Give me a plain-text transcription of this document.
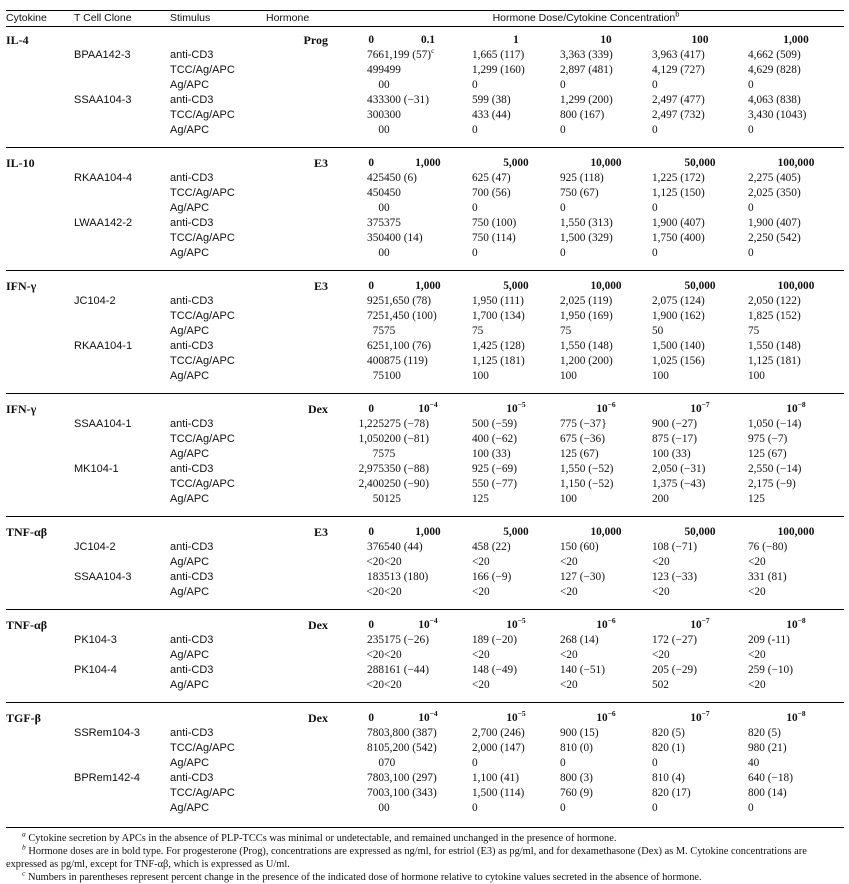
Cytokine	T Cell Clone	Stimulus	Hormone	Hormone Dose/Cytokine Concentration$^b$
IL-4			Prog	0	0.1	1	10	100	1,000
	BPAA142-3	anti-CD3		766	1,199 $(57)^c$	1,665 (117)	3,363 (339)	3,963 (417)	4,662 (509)
		TCC/Ag/APC		499	499	1,299 (160)	2,897 (481)	4,129 (727)	4,629 (828)
		Ag/APC		0	0	0	0	0	0
	SSAA104-3	anti-CD3		433	300 (−31)	599 (38)	1,299 (200)	2,497 (477)	4,063 (838)
		TCC/Ag/APC		300	300	433 (44)	800 (167)	2,497 (732)	3,430 (1043)
		Ag/APC		0	0	0	0	0	0
IL-10			E3	0	1,000	5,000	10,000	50,000	100,000
	RKAA104-4	anti-CD3		425	450 (6)	625 (47)	925 (118)	1,225 (172)	2,275 (405)
		TCC/Ag/APC		450	450	700 (56)	750 (67)	1,125 (150)	2,025 (350)
		Ag/APC		0	0	0	0	0	0
	LWAA142-2	anti-CD3		375	375	750 (100)	1,550 (313)	1,900 (407)	1,900 (407)
		TCC/Ag/APC		350	400 (14)	750 (114)	1,500 (329)	1,750 (400)	2,250 (542)
		Ag/APC		0	0	0	0	0	0
IFN-γ			E3	0	1,000	5,000	10,000	50,000	100,000
	JC104-2	anti-CD3		925	1,650 (78)	1,950 (111)	2,025 (119)	2,075 (124)	2,050 (122)
		TCC/Ag/APC		725	1,450 (100)	1,700 (134)	1,950 (169)	1,900 (162)	1,825 (152)
		Ag/APC		75	75	75	75	50	75
	RKAA104-1	anti-CD3		625	1,100 (76)	1,425 (128)	1,550 (148)	1,500 (140)	1,550 (148)
		TCC/Ag/APC		400	875 (119)	1,125 (181)	1,200 (200)	1,025 (156)	1,125 (181)
		Ag/APC		75	100	100	100	100	100
IFN-γ			Dex	0	$10^{-4}$	$10^{-5}$	$10^{-6}$	$10^{-7}$	$10^{-8}$
	SSAA104-1	anti-CD3		1,225	275 (−78)	500 (−59)	775 (−37}	900 (−27)	1,050 (−14)
		TCC/Ag/APC		1,050	200 (−81)	400 (−62)	675 (−36)	875 (−17)	975 (−7)
		Ag/APC		75	75	100 (33)	125 (67)	100 (33)	125 (67)
	MK104-1	anti-CD3		2,975	350 (−88)	925 (−69)	1,550 (−52)	2,050 (−31)	2,550 (−14)
		TCC/Ag/APC		2,400	250 (−90)	550 (−77)	1,150 (−52)	1,375 (−43)	2,175 (−9)
		Ag/APC		50	125	125	100	200	125
TNF-αβ			E3	0	1,000	5,000	10,000	50,000	100,000
	JC104-2	anti-CD3		376	540 (44)	458 (22)	150 (60)	108 (−71)	76 (−80)
		Ag/APC		<20	<20	<20	<20	<20	<20
	SSAA104-3	anti-CD3		183	513 (180)	166 (−9)	127 (−30)	123 (−33)	331 (81)
		Ag/APC		<20	<20	<20	<20	<20	<20
TNF-αβ			Dex	0	$10^{-4}$	$10^{-5}$	$10^{-6}$	$10^{-7}$	$10^{-8}$
	PK104-3	anti-CD3		235	175 (−26)	189 (−20)	268 (14)	172 (−27)	209 (-11)
		Ag/APC		<20	<20	<20	<20	<20	<20
	PK104-4	anti-CD3		288	161 (−44)	148 (−49)	140 (−51)	205 (−29)	259 (−10)
		Ag/APC		<20	<20	<20	<20	502	<20
TGF-β			Dex	0	$10^{-4}$	$10^{-5}$	$10^{-6}$	$10^{-7}$	$10^{-8}$
	SSRem104-3	anti-CD3		780	3,800 (387)	2,700 (246)	900 (15)	820 (5)	820 (5)
		TCC/Ag/APC		810	5,200 (542)	2,000 (147)	810 (0)	820 (1)	980 (21)
		Ag/APC		0	70	0	0	0	40
	BPRem142-4	anti-CD3		780	3,100 (297)	1,100 (41)	800 (3)	810 (4)	640 (−18)
		TCC/Ag/APC		700	3,100 (343)	1,500 (114)	760 (9)	820 (17)	800 (14)
		Ag/APC		0	0	0	0	0	0
$^a$ Cytokine secretion by APCs in the absence of PLP-TCCs was minimal or undetectable, and remained unchanged in the presence of hormone.
$^b$ Hormone doses are in bold type. For progesterone (Prog), concentrations are expressed as ng/ml, for estriol (E3) as pg/ml, and for dexamethasone (Dex) as M. Cytokine concentrations are expressed as pg/ml, except for TNF-αβ, which is expressed as U/ml.
$^c$ Numbers in parentheses represent percent change in the presence of the indicated dose of hormone relative to cytokine values secreted in the absence of hormone.
